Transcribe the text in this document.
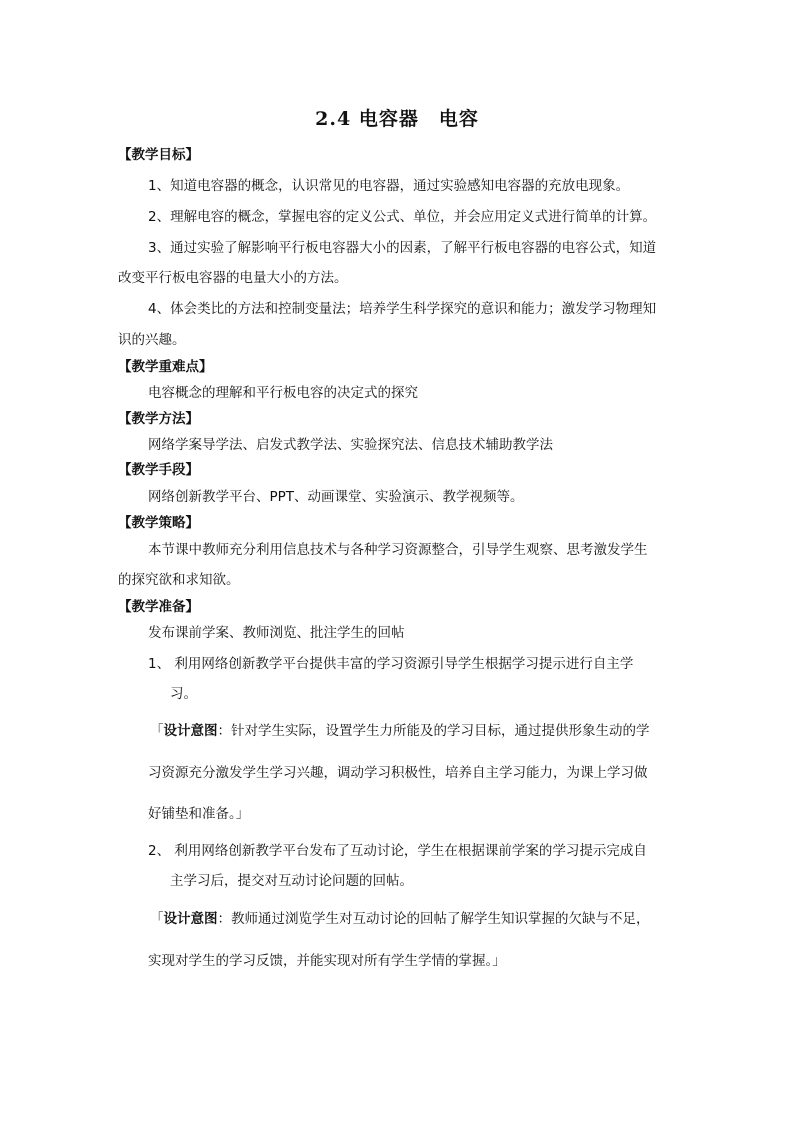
2.4 电容器　电容
【教学目标】
1、知道电容器的概念，认识常见的电容器，通过实验感知电容器的充放电现象。
2、理解电容的概念，掌握电容的定义公式、单位，并会应用定义式进行简单的计算。
3、通过实验了解影响平行板电容器大小的因素，了解平行板电容器的电容公式，知道
改变平行板电容器的电量大小的方法。
4、体会类比的方法和控制变量法；培养学生科学探究的意识和能力；激发学习物理知
识的兴趣。
【教学重难点】
电容概念的理解和平行板电容的决定式的探究
【教学方法】
网络学案导学法、启发式教学法、实验探究法、信息技术辅助教学法
【教学手段】
网络创新教学平台、PPT、动画课堂、实验演示、教学视频等。
【教学策略】
本节课中教师充分利用信息技术与各种学习资源整合，引导学生观察、思考激发学生
的探究欲和求知欲。
【教学准备】
发布课前学案、教师浏览、批注学生的回帖
1、 利用网络创新教学平台提供丰富的学习资源引导学生根据学习提示进行自主学
习。
「设计意图：针对学生实际，设置学生力所能及的学习目标，通过提供形象生动的学
习资源充分激发学生学习兴趣，调动学习积极性，培养自主学习能力，为课上学习做
好铺垫和准备。」
2、 利用网络创新教学平台发布了互动讨论，学生在根据课前学案的学习提示完成自
主学习后，提交对互动讨论问题的回帖。
「设计意图：教师通过浏览学生对互动讨论的回帖了解学生知识掌握的欠缺与不足，
实现对学生的学习反馈，并能实现对所有学生学情的掌握。」
